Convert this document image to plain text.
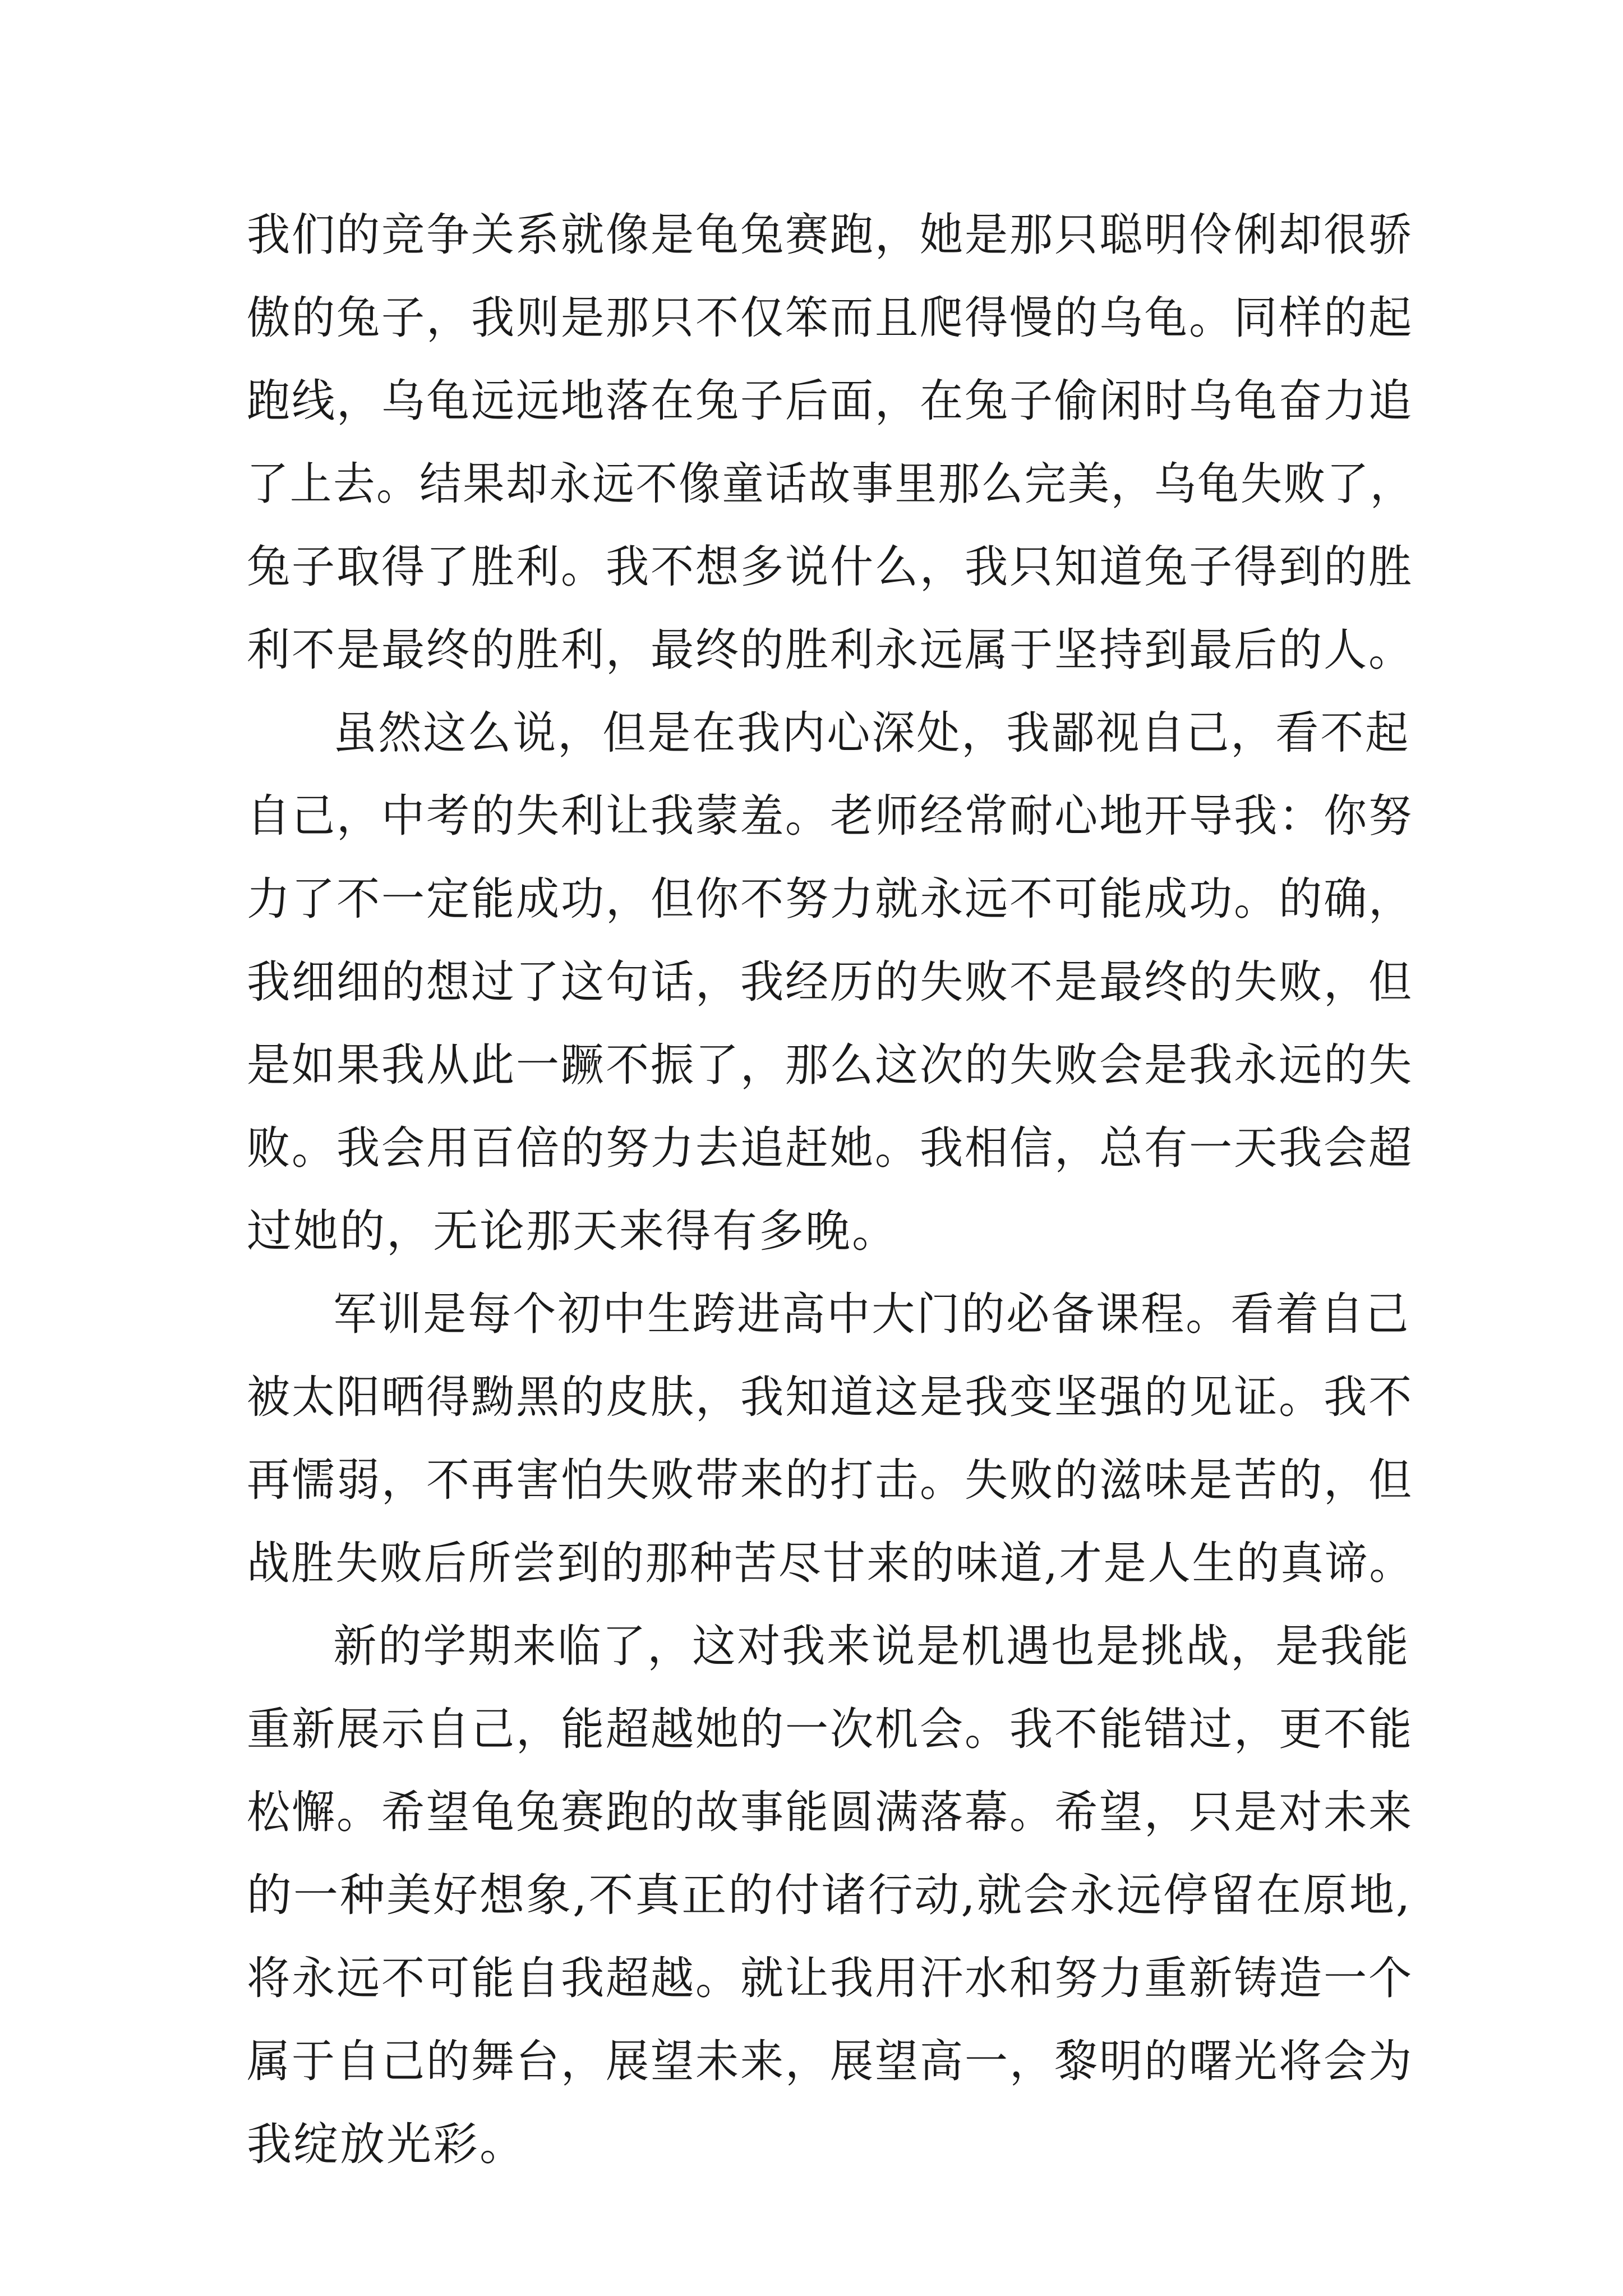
我们的竞争关系就像是龟兔赛跑，她是那只聪明伶俐却很骄
傲的兔子，我则是那只不仅笨而且爬得慢的乌龟。同样的起
跑线，乌龟远远地落在兔子后面，在兔子偷闲时乌龟奋力追
了上去。结果却永远不像童话故事里那么完美，乌龟失败了，
兔子取得了胜利。我不想多说什么，我只知道兔子得到的胜
利不是最终的胜利，最终的胜利永远属于坚持到最后的人。
虽然这么说，但是在我内心深处，我鄙视自己，看不起
自己，中考的失利让我蒙羞。老师经常耐心地开导我：你努
力了不一定能成功，但你不努力就永远不可能成功。的确，
我细细的想过了这句话，我经历的失败不是最终的失败，但
是如果我从此一蹶不振了，那么这次的失败会是我永远的失
败。我会用百倍的努力去追赶她。我相信，总有一天我会超
过她的，无论那天来得有多晚。
军训是每个初中生跨进高中大门的必备课程。看着自己
被太阳晒得黝黑的皮肤，我知道这是我变坚强的见证。我不
再懦弱，不再害怕失败带来的打击。失败的滋味是苦的，但
战胜失败后所尝到的那种苦尽甘来的味道,才是人生的真谛。
新的学期来临了，这对我来说是机遇也是挑战，是我能
重新展示自己，能超越她的一次机会。我不能错过，更不能
松懈。希望龟兔赛跑的故事能圆满落幕。希望，只是对未来
的一种美好想象,不真正的付诸行动,就会永远停留在原地,
将永远不可能自我超越。就让我用汗水和努力重新铸造一个
属于自己的舞台，展望未来，展望高一，黎明的曙光将会为
我绽放光彩。
